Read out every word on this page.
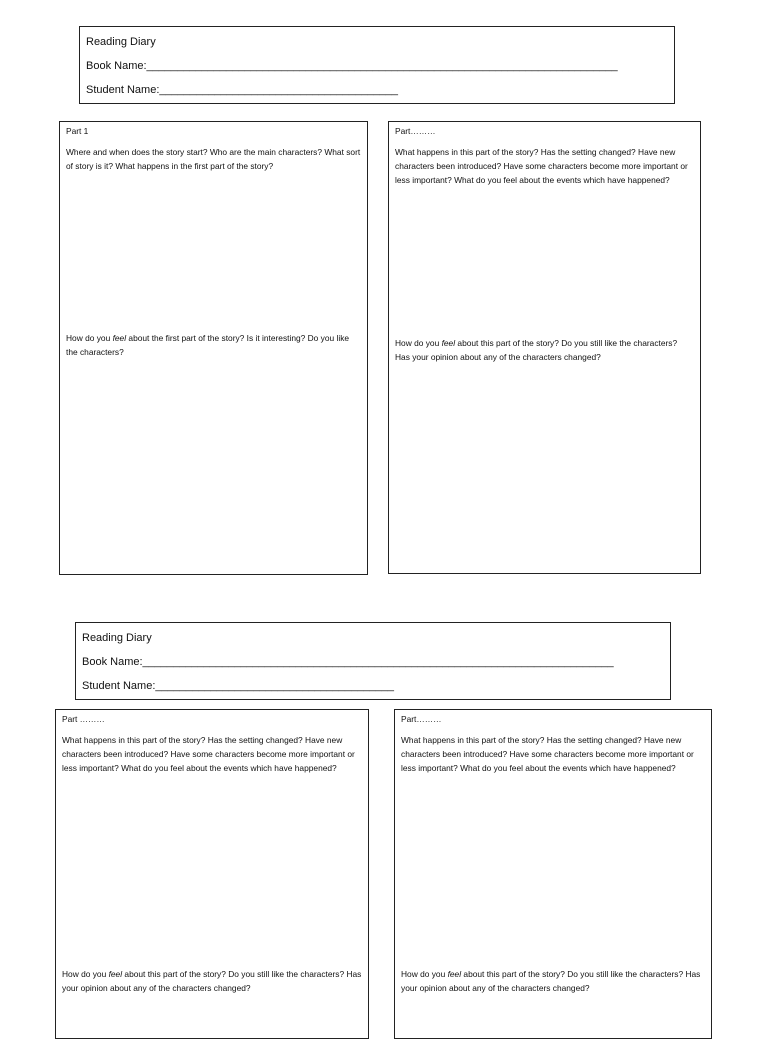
Reading Diary
Book Name:_____________________________________________________________________________
Student Name:_______________________________________
Part 1
Where and when does the story start? Who are the main characters? What sort of story is it? What happens in the first part of the story?
How do you feel about the first part of the story? Is it interesting? Do you like the characters?
Part………
What happens in this part of the story? Has the setting changed? Have new characters been introduced? Have some characters become more important or less important? What do you feel about the events which have happened?
How do you feel about this part of the story? Do you still like the characters? Has your opinion about any of the characters changed?
Reading Diary
Book Name:_____________________________________________________________________________
Student Name:_______________________________________
Part ………
What happens in this part of the story? Has the setting changed? Have new characters been introduced? Have some characters become more important or less important? What do you feel about the events which have happened?
How do you feel about this part of the story? Do you still like the characters? Has your opinion about any of the characters changed?
Part………
What happens in this part of the story? Has the setting changed? Have new characters been introduced? Have some characters become more important or less important? What do you feel about the events which have happened?
How do you feel about this part of the story? Do you still like the characters? Has your opinion about any of the characters changed?
